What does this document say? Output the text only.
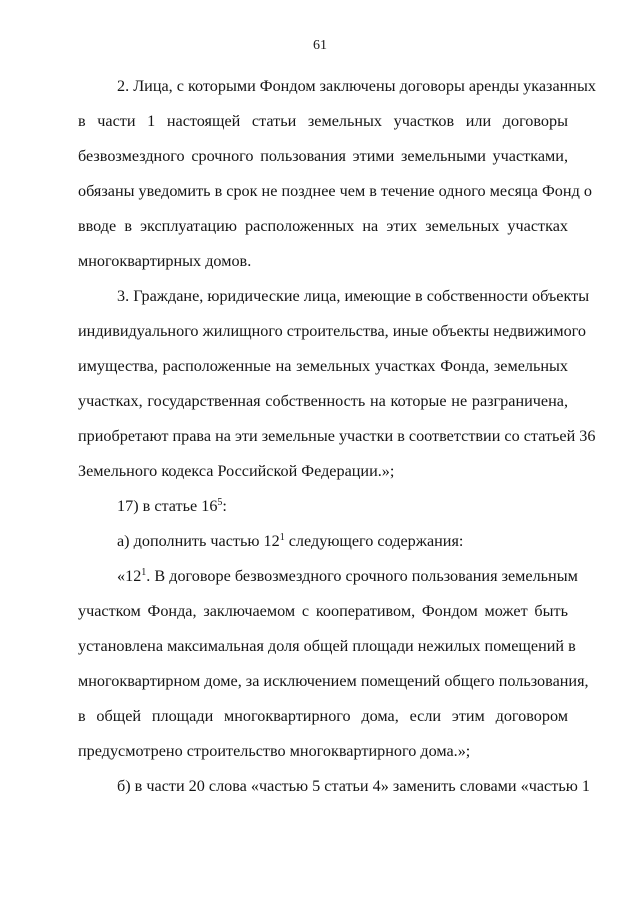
61

2. Лица, с которыми Фондом заключены договоры аренды указанных

в части 1 настоящей статьи земельных участков или договоры

безвозмездного срочного пользования этими земельными участками,

обязаны уведомить в срок не позднее чем в течение одного месяца Фонд о

вводе в эксплуатацию расположенных на этих земельных участках

многоквартирных домов.

3. Граждане, юридические лица, имеющие в собственности объекты

индивидуального жилищного строительства, иные объекты недвижимого

имущества, расположенные на земельных участках Фонда, земельных

участках, государственная собственность на которые не разграничена,

приобретают права на эти земельные участки в соответствии со статьей 36

Земельного кодекса Российской Федерации.»;

17) в статье $16^5$:

а) дополнить частью $12^1$ следующего содержания:

«$12^1$. В договоре безвозмездного срочного пользования земельным

участком Фонда, заключаемом с кооперативом, Фондом может быть

установлена максимальная доля общей площади нежилых помещений в

многоквартирном доме, за исключением помещений общего пользования,

в общей площади многоквартирного дома, если этим договором

предусмотрено строительство многоквартирного дома.»;

б) в части 20 слова «частью 5 статьи 4» заменить словами «частью 1
